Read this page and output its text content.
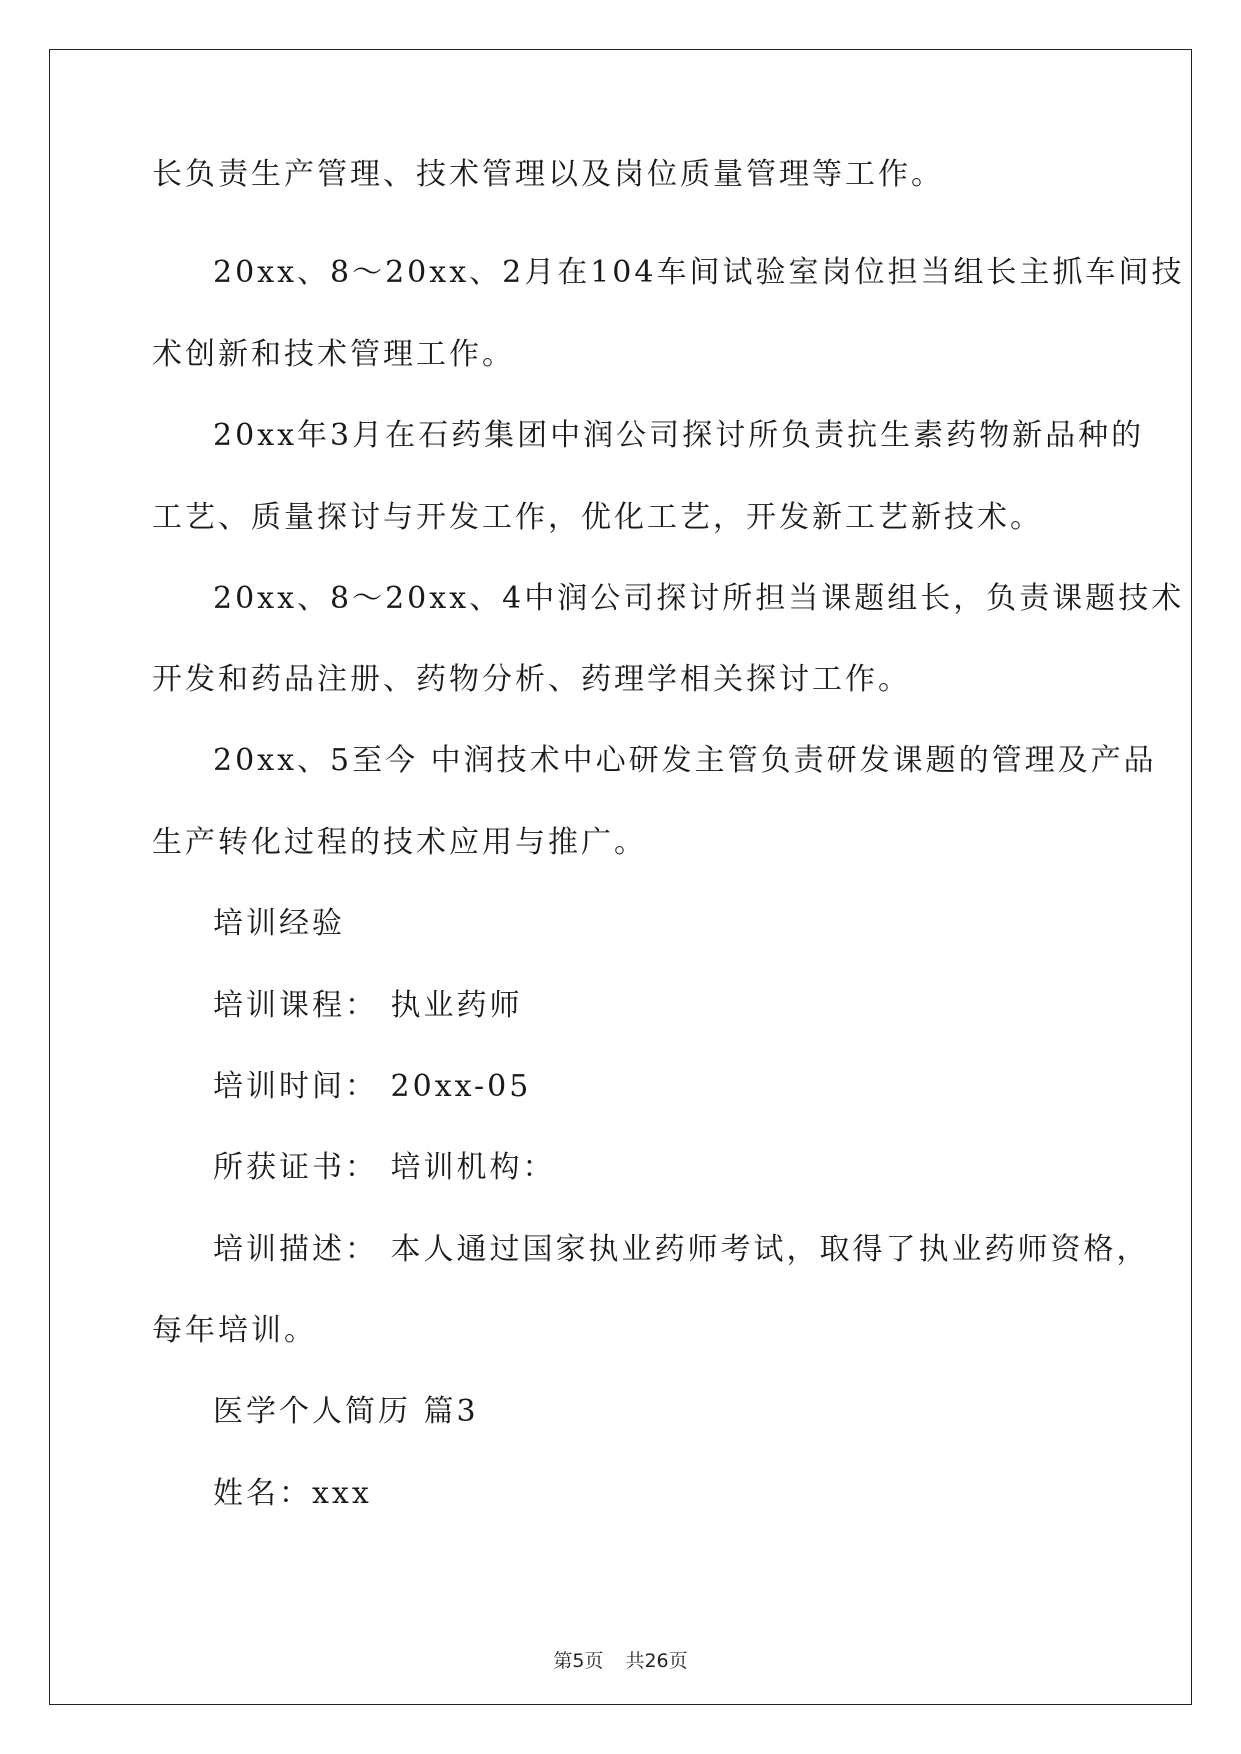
长负责生产管理、技术管理以及岗位质量管理等工作。
20xx、8～20xx、2月在104车间试验室岗位担当组长主抓车间技
术创新和技术管理工作。
20xx年3月在石药集团中润公司探讨所负责抗生素药物新品种的
工艺、质量探讨与开发工作，优化工艺，开发新工艺新技术。
20xx、8～20xx、4中润公司探讨所担当课题组长，负责课题技术
开发和药品注册、药物分析、药理学相关探讨工作。
20xx、5至今 中润技术中心研发主管负责研发课题的管理及产品
生产转化过程的技术应用与推广。
培训经验
培训课程： 执业药师
培训时间： 20xx-05
所获证书： 培训机构：
培训描述： 本人通过国家执业药师考试，取得了执业药师资格，
每年培训。
医学个人简历 篇3
姓名：xxx
第5页 共26页
